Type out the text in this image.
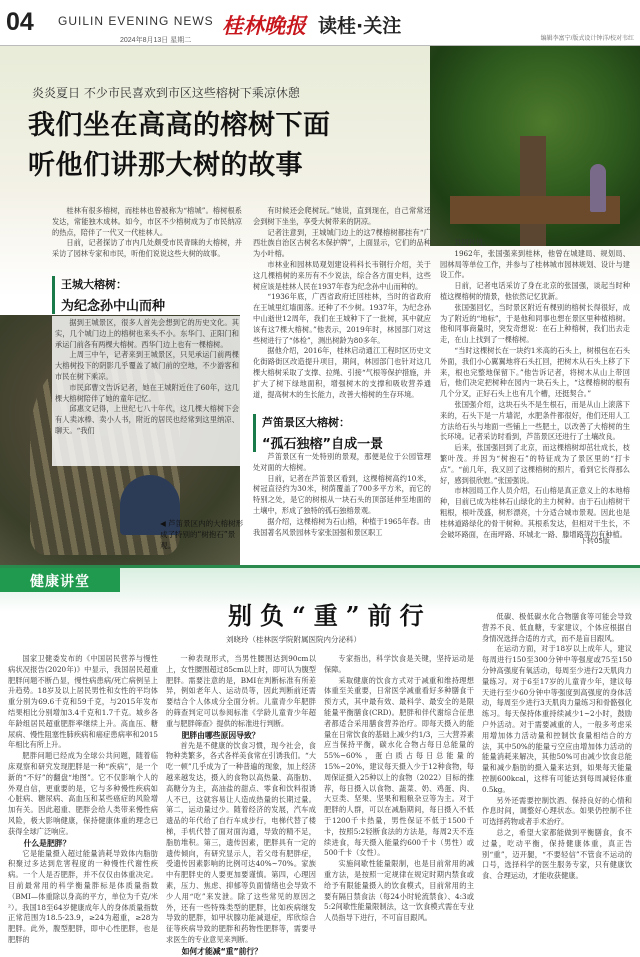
04 GUILIN EVENING NEWS
2024年8月13日 星期二
桂林晚报 读桂·关注
编辑李富宁/版式设计钟洋/校对韦红
炎炎夏日 不少市民喜欢到市区这些榕树下乘凉休憩
我们坐在高高的榕树下面
听他们讲那大树的故事

桂林有很多榕树，而桂林也曾被称为“榕城”。榕树根系发达，常能独木成林。如今，市区不少榕树成为了市民纳凉的热点，陪伴了一代又一代桂林人。

日前，记者探访了市内几处颇受市民青睐的大榕树，并采访了园林专家和市民，听他们说说这些大树的故事。

王城大榕树：
为纪念孙中山而种

据到王城景区，很多人首先会想到它的历史文化。其实，几个城门边上的榕树也来头不小。东华门、正阳门和承运门前各有两棵大榕树。西华门边上也有一棵榕树。

上周三中午，记者来到王城景区，只见承运门前两棵大榕树投下的阴影几乎覆盖了城门前的空地，不少游客和市民在树下乘凉。

市民邱曹文告诉记者，她在王城附近住了60年，这几棵大榕树陪伴了她的童年记忆。

邱惠文记得，上世纪七八十年代，这几棵大榕树下会有人卖冰棒、卖小人书，附近的居民也经常到这里纳凉、聊天。“我们

◀ 芦笛景区内的大榕树形成了特别的“树抱石”景观。

有时候还会爬树玩。”她说，直到现在，自己常常还会到树下坐坐，享受大树带来的阴凉。

记者注意到，王城城门边上的这7棵榕树都挂有“广西壮族自治区古树名木保护牌”，上面显示，它们的品种为小叶榕。

市林业和园林局观划建设科科长韦钢行介绍，关于这几棵榕树的来历有不少说法，综合各方面史料，这些树应该是桂林人民在1937年春为纪念孙中山而种的。

“1936年底，广西省政府迁回桂林，当时的省政府在王城里红墙面落。还种了不少树。1937年，为纪念孙中山逝世12周年，我们在王城种下了一批树，其中就应该有这7棵大榕树。”他表示，2019年时，林园部门对这些树进行了“体检”，测出树龄为80多年。

据他介绍，2016年，桂林启动通江工程时区历史文化街路街区改造提升项目，期间，林园部门也针对这几棵大榕树采取了支撑、拉绳、引接“气根等保护措施，并扩大了树下绿地面积，增强树木的支撑和吸收营养通道，提高树木的生长能力，改善大榕树的生存环境。

芦笛景区大榕树：
“孤石独榕”自成一景

芦笛景区有一处特别的景观，那便是位于公园管理处对面的大榕树。

日前，记者在芦笛景区看到，这棵榕树高约10米，树冠直径约为30米，树荫覆盖了700多平方米，而它的特别之处，是它的树根从一块石头的顶部延伸至地面的土壤中，形成了独特的孤石独榕景观。

据介绍，这棵榕树为石山榕，种植于1965年春。由我国著名风景园林专家张国强和景区职工

共同种植。

1962年，张国强来到桂林，他曾在城建局、规划局、园林局等单位工作，并参与了桂林城市园林规划、设计与建设工作。

日前，记者电话采访了身在北京的张国强，谈起当时种植这棵榕树的情景，他依然记忆犹新。

张国强回忆，当时景区附近有棵别的榕树长得很好，成为了附近的“地标”，于是他和同事也想在景区里种植榕树。他和同事商量时，突发奇想说：在石上种榕树，我们出去走走，在山上找到了一棵榕树。

“当时这棵树长在一块约1米高的石头上，树根包在石头外面，我们小心翼翼地将石头扛回，把树木从石头上移了下来，根也完整地保留下。”他告诉记者，将树木从山上带回后，他们决定把树种在园内一块石头上，“这棵榕树的根有几个分叉，正好石头上也有几个槽，还挺契合。”

张国强介绍，这块石头不是生根石，而是从山上滚落下来的，石头下是一片墙泥，水肥条件都很好，他们还用人工方法给石头与地面一些铺上一些肥土，以改善了大榕树的生长环境。记者采访时看到，芦笛景区还进行了土壤改良。

后来，张国强回到了北京，而这棵榕树却茁壮成长，枝繁叶茂。并因为“树抱石”的特征成为了景区里的“打卡点”。“前几年，我又回了这棵榕树的照片，看到它长得那么好，感到很欣慰。”张国强说。

市林园局工作人员介绍，石山榕是真正意义上的本地榕种，目前已成为桂林石山绿化的主力树种。由于石山榕树干粗根，根叶茂盛，树形漂亮，十分适合城市景观。因此也是桂林道路绿化的骨干树种。其根系发达，但相对干生长，不会破坏路面，在南坪路、环城北一路、滕增路等均有种植。

下转05版
健康讲堂
别负“重”前行
刘晓玲（桂林医学院附属医院内分泌科）

国家卫健委发布的《中国居民营养与慢性病状况报告(2020年)》中显示，我国居民超重肥胖问题不断凸显，慢性病患病/死亡病例呈上升趋势。18岁及以上居民男性和女性的平均体重分别为69.6千克和59千克，与2015年发布结果相比分别增加3.4千克和1.7千克。城乡各年龄组居民超重肥胖率继续上升。高血压、糖尿病、慢性阻塞性肺疾病和癌症患病率和2015年相比有所上升。

肥胖问题已经成为全球公共问题，随着临床观察和研究发现肥胖是一种“疾病”，是一个新的“不好”的翻盘“地图”。它不仅影响个人的外观自信，更重要的是，它与多种慢性疾病如心脏病、糖尿病、高血压和某些癌症的风险增加有关。因此超重、肥胖会给人类带来慢性病风险，极大影响健康，保持健康体重的理念已获得全球广泛响应。

什么是肥胖？

它是能量摄入超过能量消耗导致体内脂肪积聚过多达到危害程度的一种慢性代谢性疾病。一个人是否肥胖，并不仅仅由体重决定。目前最常用的科学衡量胖标是体质量指数（BMI—体重除以身高的平方，单位为千克/米²）。我国18至64岁健康成年人的身体质量指数正常范围为18.5-23.9，≥24为超重，≥28为肥胖。此外，腹型肥胖，即中心性肥胖，也是肥胖的

一种表现形式，当男性腰围达到90cm以上，女性腰围超过85cm以上时，即可认为腹型肥胖。需要注意的是，BMI在判断标准有所差异，例如老年人、运动员等，因此判断前还需要结合个人体成分全面分析。儿童青少年肥胖的筛查判定可以参阅标准《学龄儿童青少年超重与肥胖筛查》提供的标准进行判断。

肥胖由哪些原因导致？

首先是不健康的饮食习惯，现今社会，食物种类繁多，各式各样美食常在引诱我们。“大吃一顿”几乎成为了一种普遍的现象，加上经济越来越发达，摄入的食物以高热量、高脂肪、高糖分为主，高油盐的甜点、零食和饮料很诱人不已，这就容易让人造成热量的长期过量。第二，运动量过少。随着经济的发展，汽车成遗品的年代给了自行车成步行，电梯代替了楼梯，手机代替了面对面沟通，导致的精不足，脂肪堆积。第三，遗传因素，肥胖具有一定的遗传倾向，有研究显示人，若父母有肥胖症，受遗传因素影响的比例可达40%~70%。家族中有肥胖史的人要更加要谨慎。第四，心理因素，压力、焦虑、抑郁等负面情绪也会导致不少人用“吃”来发泄。除了这些常见的原因之外，还有一些特殊类型的肥胖，比如疾病继发导致的肥胖，如甲状腺功能减退症，库欣综合征等疾病导致的肥胖和药物性肥胖等，需要寻求医生的专业意见来判断。

如何才能减“重”前行？

专家指出，科学饮食是关键，坚持运动是保障。

采取健康的饮食方式对于减重和维持理想体重至关重要，日常医学减重看好多种膳食干预方式，其中最有效、最科学、最安全的是限能量平衡膳食(CRD)。肥胖和伴代谢综合征患者都适合采用膳食营养治疗。即每天摄入的能量在日常饮食的基础上减少约1/3，三大营养素应当保持平衡，碳水化合物占每日总能量的55%~60%，蛋白质占每日总能量的15%~20%，建议每天摄入少于12种食物，每周保证摄入25种以上的食物（2022）目标的推荐，每日摄入以食物、蔬菜、奶、鸡蛋、肉、大豆类、坚果、坚果和粗粮杂豆等为主。对于肥胖的人群，可以在减脂期间，每日摄入不低于1200千卡热量，男性保证不低于1500千卡，按照5:2轻断食法的方法是，每周2天不连续进食，每天摄入能量约600千卡（男性）或500千卡（女性）。

实施间歇性能量限制，也是目前常用的减重方法，是按照一定规律在规定时期内禁食或给予有限能量摄入的饮食模式，目前常用的主要有隔日禁食法（每24小时轮流禁食）、4:3或5:2间歇性能量限制法，这一饮食模式需在专业人员指导下进行，不可盲目跟风。

低碳、极低碳水化合物膳食等可能会导致营养不良、低血糖，专家建议，个体应根据自身情况选择合适的方式，而不是盲目跟风。

在运动方面，对于18岁以上成年人，建议每周进行150至300分钟中等强度或75至150分钟高强度有氧活动，每周至少进行2天肌肉力量练习。对于6至17岁的儿童青少年，建议每天进行至少60分钟中等强度到高强度的身体活动，每周至少进行3天肌肉力量练习和骨骼强化练习。每天保持体重持续减少1~2小时，鼓励户外活动。对于需要减重的人，一般多考虑采用增加体力活动量和控制饮食量相结合的方法，其中50%的能量亏空应由增加体力活动的能量消耗来解决，其他50%可由减少饮食总能量和减少脂肪的摄入量来达到，如果每天能量控制600kcal，这样有可能达到每周减轻体重0.5kg。

另外还需要控制饮酒、保持良好的心情和作息时间，调整好心理状态。如果仍控制不住可选择药物或者手术治疗。

总之，希望大家都能做到平衡膳食，食不过量，吃动平衡，保持健康体重，真正告别“重”，迈开腿，“不要轻信”不管食不运动的口号，选择科学的医生服务专家，只有健康饮食、合理运动，才能收获健康。
